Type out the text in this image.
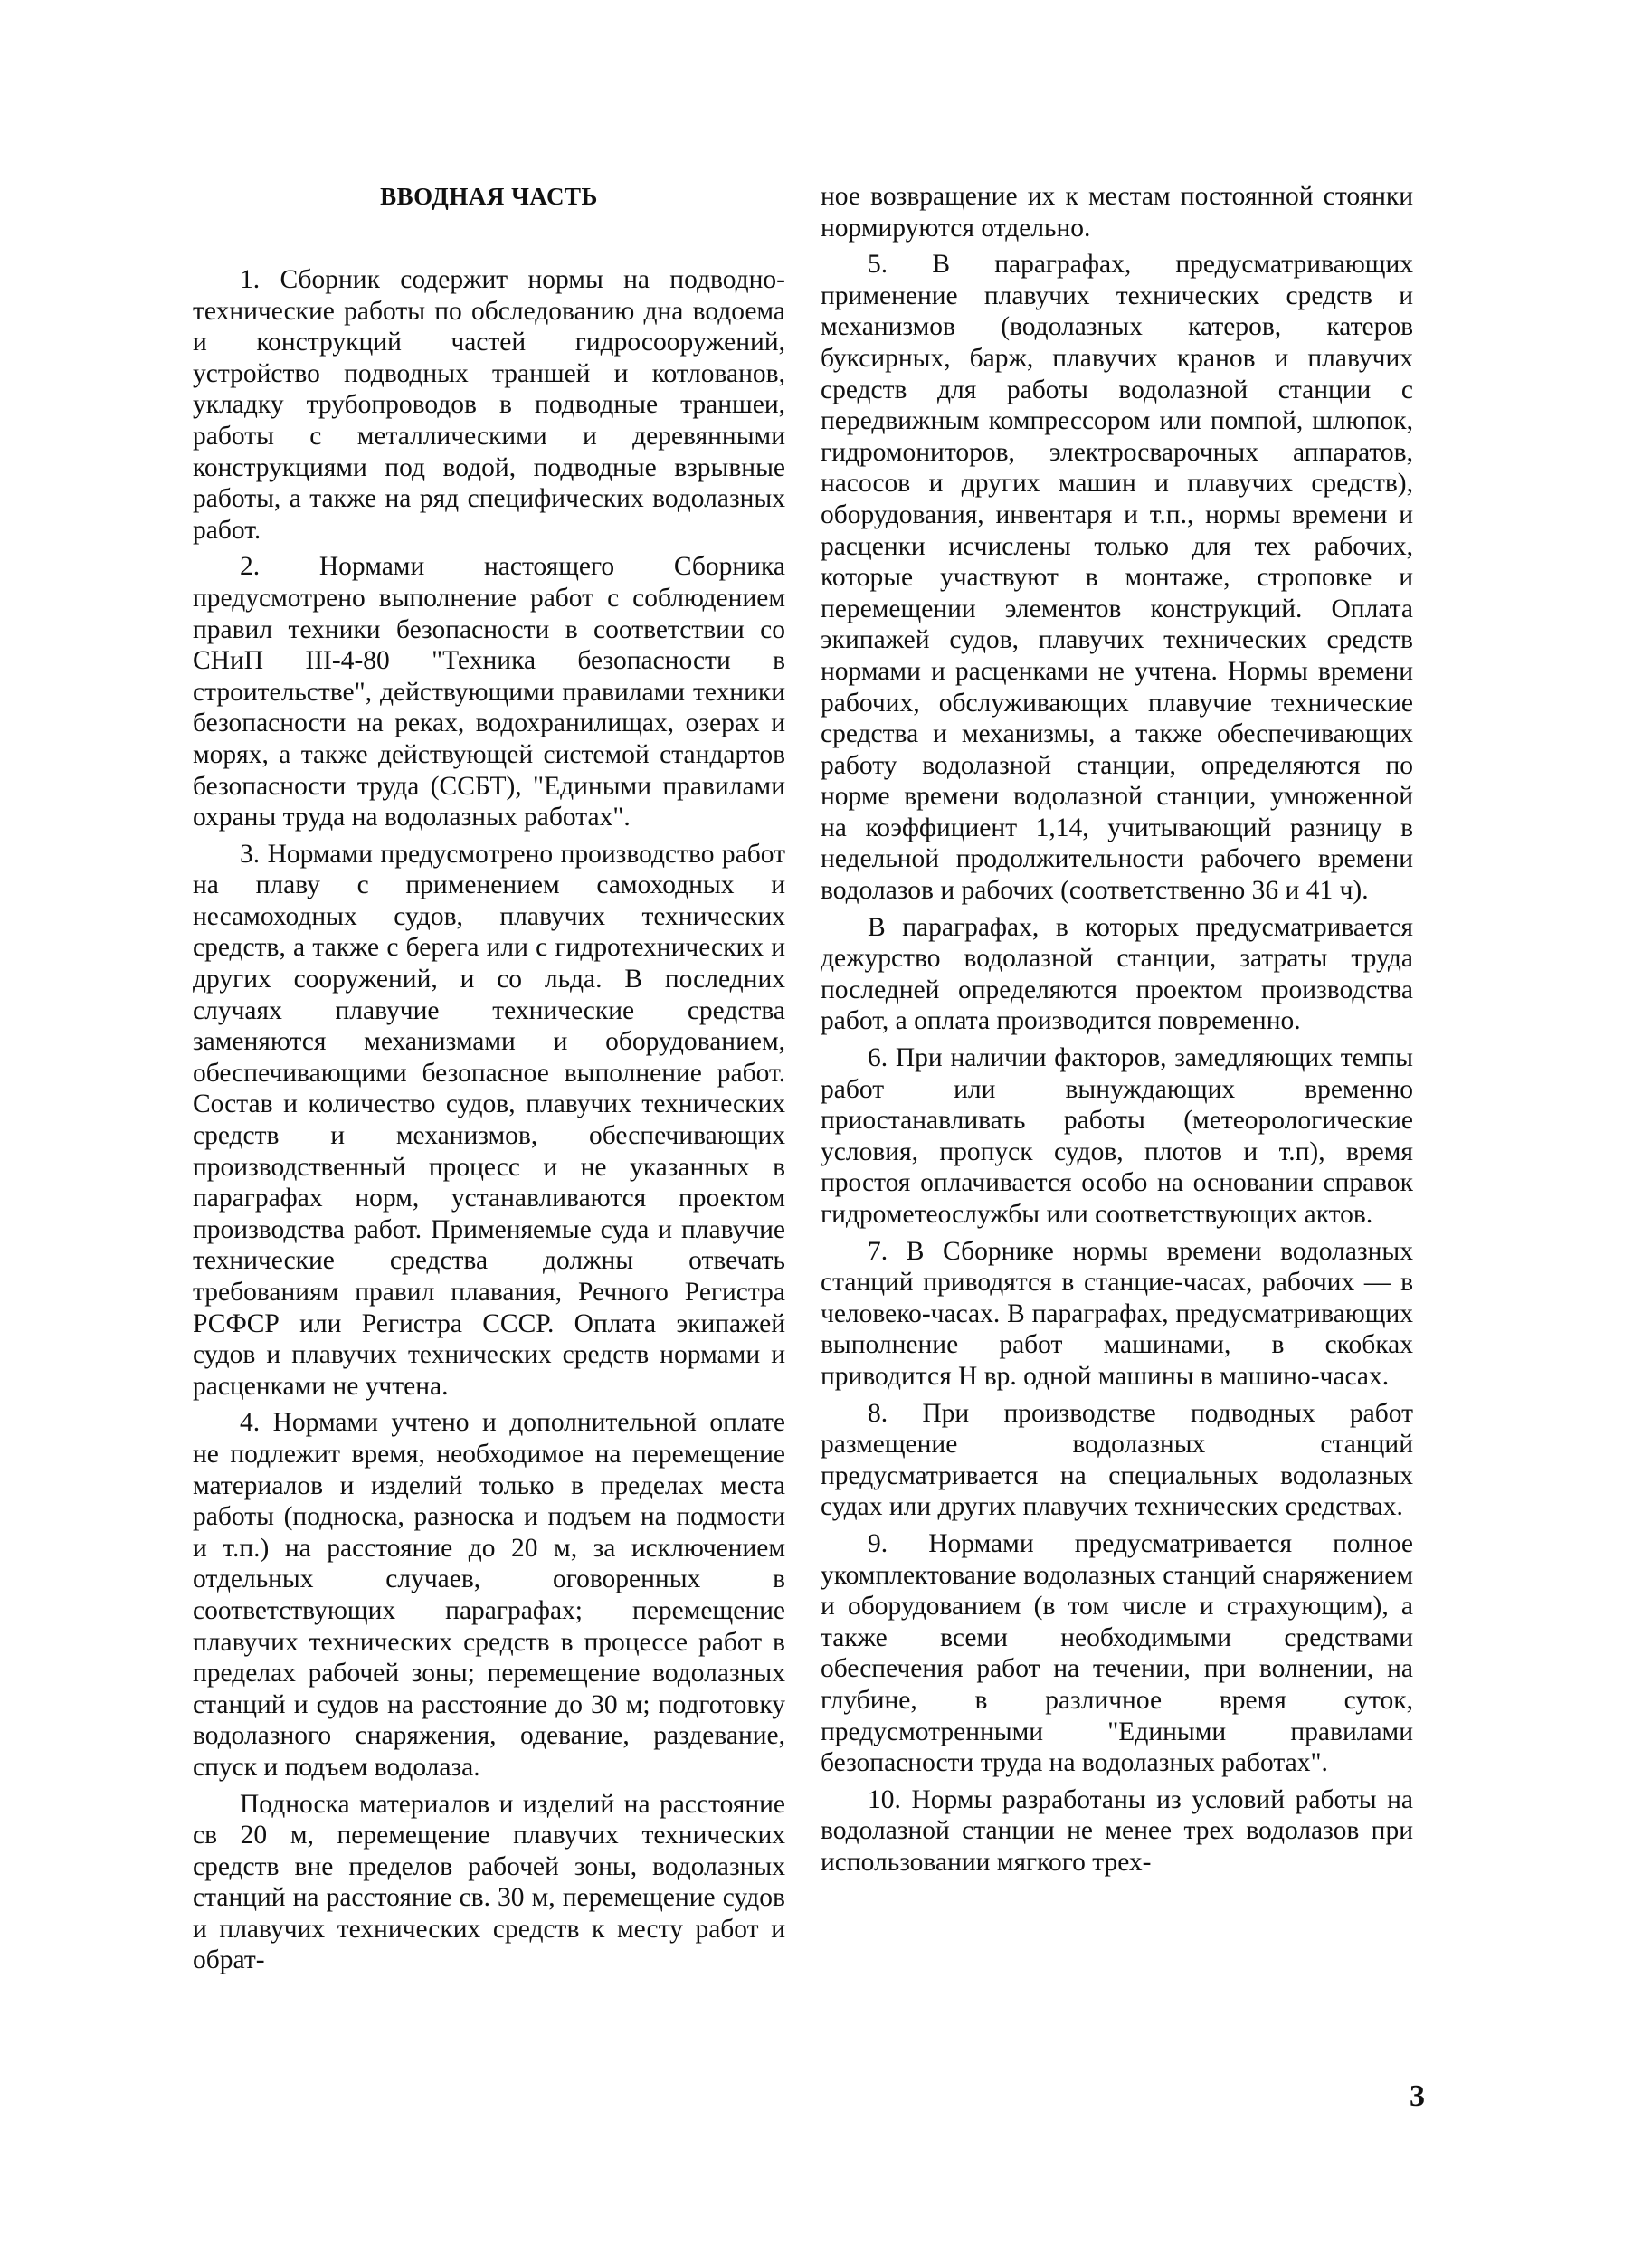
ВВОДНАЯ ЧАСТЬ

1. Сборник содержит нормы на подводно-технические работы по обследованию дна водоема и конструкций частей гидросооружений, устройство подводных траншей и котлованов, укладку трубопроводов в подводные траншеи, работы с металлическими и деревянными конструкциями под водой, подводные взрывные работы, а также на ряд специфических водолазных работ.

2. Нормами настоящего Сборника предусмотрено выполнение работ с соблюдением правил техники безопасности в соответствии со СНиП III-4-80 "Техника безопасности в строительстве", действующими правилами техники безопасности на реках, водохранилищах, озерах и морях, а также действующей системой стандартов безопасности труда (ССБТ), "Едиными правилами охраны труда на водолазных работах".

3. Нормами предусмотрено производство работ на плаву с применением самоходных и несамоходных судов, плавучих технических средств, а также с берега или с гидротехнических и других сооружений, и со льда. В последних случаях плавучие технические средства заменяются механизмами и оборудованием, обеспечивающими безопасное выполнение работ. Состав и количество судов, плавучих технических средств и механизмов, обеспечивающих производственный процесс и не указанных в параграфах норм, устанавливаются проектом производства работ. Применяемые суда и плавучие технические средства должны отвечать требованиям правил плавания, Речного Регистра РСФСР или Регистра СССР. Оплата экипажей судов и плавучих технических средств нормами и расценками не учтена.

4. Нормами учтено и дополнительной оплате не подлежит время, необходимое на перемещение материалов и изделий только в пределах места работы (подноска, разноска и подъем на подмости и т.п.) на расстояние до 20 м, за исключением отдельных случаев, оговоренных в соответствующих параграфах; перемещение плавучих технических средств в процессе работ в пределах рабочей зоны; перемещение водолазных станций и судов на расстояние до 30 м; подготовку водолазного снаряжения, одевание, раздевание, спуск и подъем водолаза.

Подноска материалов и изделий на расстояние св 20 м, перемещение плавучих технических средств вне пределов рабочей зоны, водолазных станций на расстояние св. 30 м, перемещение судов и плавучих технических средств к месту работ и обрат-

ное возвращение их к местам постоянной стоянки нормируются отдельно.

5. В параграфах, предусматривающих применение плавучих технических средств и механизмов (водолазных катеров, катеров буксирных, барж, плавучих кранов и плавучих средств для работы водолазной станции с передвижным компрессором или помпой, шлюпок, гидромониторов, электросварочных аппаратов, насосов и других машин и плавучих средств), оборудования, инвентаря и т.п., нормы времени и расценки исчислены только для тех рабочих, которые участвуют в монтаже, строповке и перемещении элементов конструкций. Оплата экипажей судов, плавучих технических средств нормами и расценками не учтена. Нормы времени рабочих, обслуживающих плавучие технические средства и механизмы, а также обеспечивающих работу водолазной станции, определяются по норме времени водолазной станции, умноженной на коэффициент 1,14, учитывающий разницу в недельной продолжительности рабочего времени водолазов и рабочих (соответственно 36 и 41 ч).

В параграфах, в которых предусматривается дежурство водолазной станции, затраты труда последней определяются проектом производства работ, а оплата производится повременно.

6. При наличии факторов, замедляющих темпы работ или вынуждающих временно приостанавливать работы (метеорологические условия, пропуск судов, плотов и т.п), время простоя оплачивается особо на основании справок гидрометеослужбы или соответствующих актов.

7. В Сборнике нормы времени водолазных станций приводятся в станцие-часах, рабочих — в человеко-часах. В параграфах, предусматривающих выполнение работ машинами, в скобках приводится Н вр. одной машины в машино-часах.

8. При производстве подводных работ размещение водолазных станций предусматривается на специальных водолазных судах или других плавучих технических средствах.

9. Нормами предусматривается полное укомплектование водолазных станций снаряжением и оборудованием (в том числе и страхующим), а также всеми необходимыми средствами обеспечения работ на течении, при волнении, на глубине, в различное время суток, предусмотренными "Едиными правилами безопасности труда на водолазных работах".

10. Нормы разработаны из условий работы на водолазной станции не менее трех водолазов при использовании мягкого трех-

3
